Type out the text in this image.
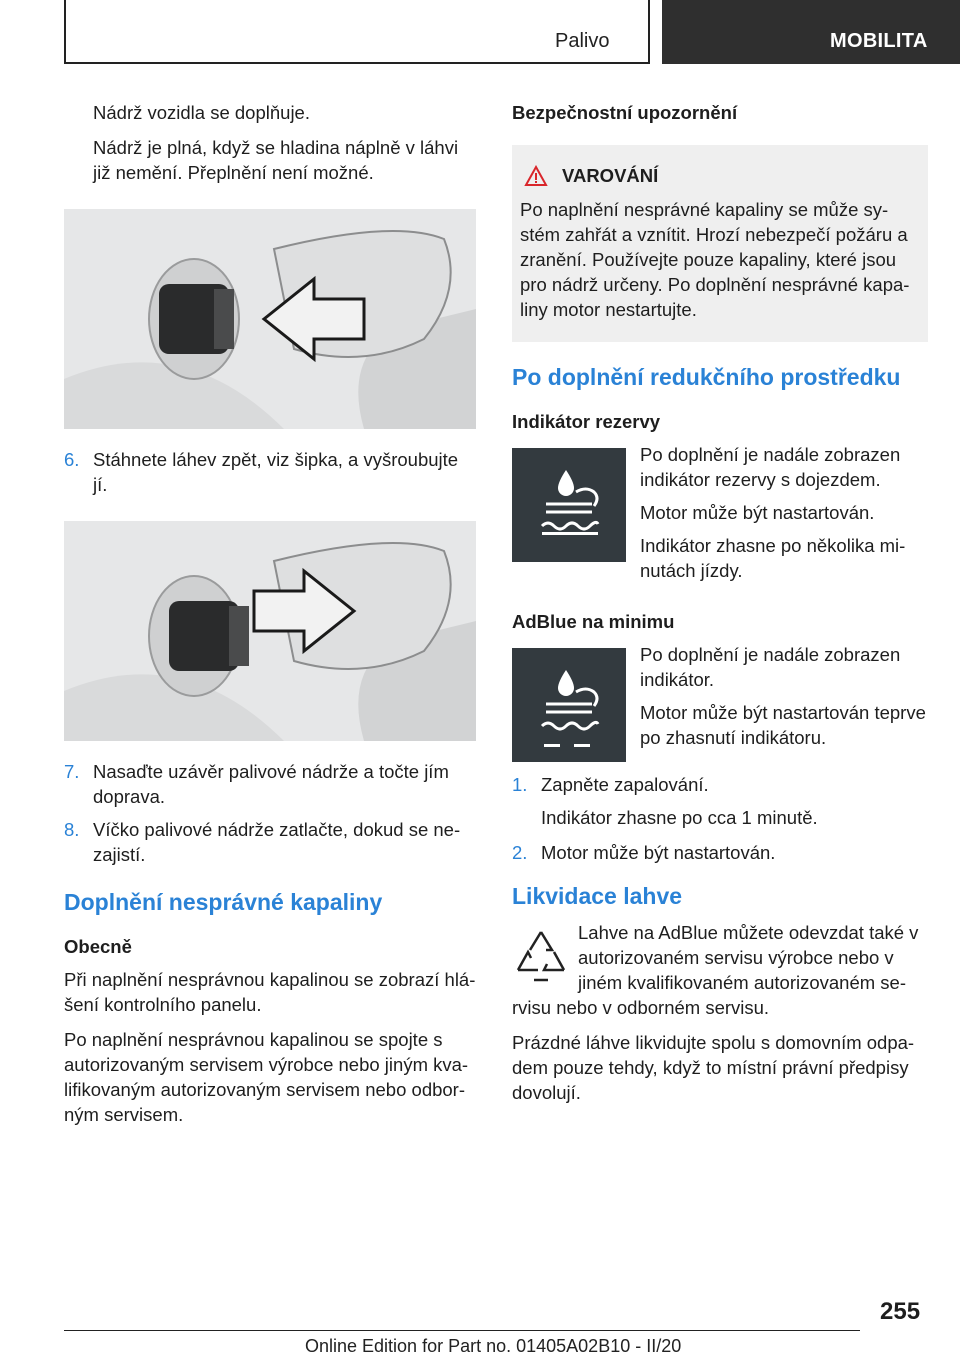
Palivo	MOBILITA

Nádrž vozidla se doplňuje.

Nádrž je plná, když se hladina náplně v láhvi již nemění. Přeplnění není možné.

6. Stáhnete láhev zpět, viz šipka, a vyšroubujte jí.
7. Nasaďte uzávěr palivové nádrže a točte jím doprava.
8. Víčko palivové nádrže zatlačte, dokud se nezajistí.
Doplnění nesprávné kapaliny
Obecně

Při naplnění nesprávnou kapalinou se zobrazí hlášení kontrolního panelu.

Po naplnění nesprávnou kapalinou se spojte s autorizovaným servisem výrobce nebo jiným kvalifikovaným autorizovaným servisem nebo odborným servisem.

Bezpečnostní upozornění
VAROVÁNÍ

Po naplnění nesprávné kapaliny se může systém zahřát a vznítit. Hrozí nebezpečí požáru a zranění. Používejte pouze kapaliny, které jsou pro nádrž určeny. Po doplnění nesprávné kapaliny motor nestartujte.

Po doplnění redukčního prostředku
Indikátor rezervy

Po doplnění je nadále zobrazen indikátor rezervy s dojezdem.

Motor může být nastartován.

Indikátor zhasne po několika minutách jízdy.

AdBlue na minimu

Po doplnění je nadále zobrazen indikátor.

Motor může být nastartován teprve po zhasnutí indikátoru.

1. Zapněte zapalování.

Indikátor zhasne po cca 1 minutě.

2. Motor může být nastartován.
Likvidace lahve

Lahve na AdBlue můžete odevzdat také v autorizovaném servisu výrobce nebo v jiném kvalifikovaném autorizovaném servisu nebo v odborném servisu.

Prázdné láhve likvidujte spolu s domovním odpadem pouze tehdy, když to místní právní předpisy dovolují.

255
Online Edition for Part no. 01405A02B10 - II/20
